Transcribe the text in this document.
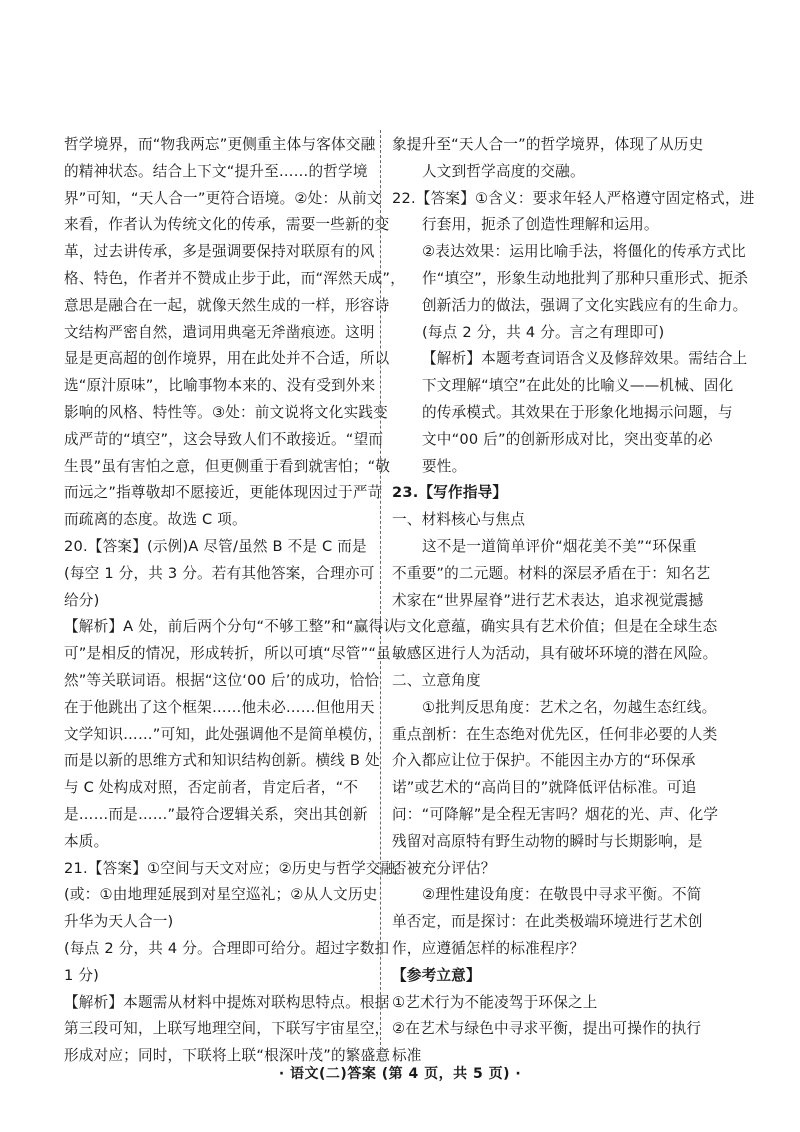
哲学境界，而“物我两忘”更侧重主体与客体交融
的精神状态。结合上下文“提升至……的哲学境
界”可知，“天人合一”更符合语境。②处：从前文
来看，作者认为传统文化的传承，需要一些新的变
革，过去讲传承，多是强调要保持对联原有的风
格、特色，作者并不赞成止步于此，而“浑然天成”，
意思是融合在一起，就像天然生成的一样，形容诗
文结构严密自然，遣词用典毫无斧凿痕迹。这明
显是更高超的创作境界，用在此处并不合适，所以
选“原汁原味”，比喻事物本来的、没有受到外来
影响的风格、特性等。③处：前文说将文化实践变
成严苛的“填空”，这会导致人们不敢接近。“望而
生畏”虽有害怕之意，但更侧重于看到就害怕；“敬
而远之”指尊敬却不愿接近，更能体现因过于严苛
而疏离的态度。故选 C 项。
20.【答案】(示例)A 尽管/虽然 B 不是 C 而是
(每空 1 分，共 3 分。若有其他答案，合理亦可
给分)
【解析】A 处，前后两个分句“不够工整”和“赢得认
可”是相反的情况，形成转折，所以可填“尽管”“虽
然”等关联词语。根据“这位‘00 后’的成功，恰恰
在于他跳出了这个框架……他未必……但他用天
文学知识……”可知，此处强调他不是简单模仿，
而是以新的思维方式和知识结构创新。横线 B 处
与 C 处构成对照，否定前者，肯定后者，“不
是……而是……”最符合逻辑关系，突出其创新
本质。
21.【答案】①空间与天文对应；②历史与哲学交融。
(或：①由地理延展到对星空巡礼；②从人文历史
升华为天人合一)
(每点 2 分，共 4 分。合理即可给分。超过字数扣
1 分)
【解析】本题需从材料中提炼对联构思特点。根据
第三段可知，上联写地理空间，下联写宇宙星空，
形成对应；同时，下联将上联“根深叶茂”的繁盛意
象提升至“天人合一”的哲学境界，体现了从历史
人文到哲学高度的交融。
22.【答案】①含义：要求年轻人严格遵守固定格式，进
行套用，扼杀了创造性理解和运用。
②表达效果：运用比喻手法，将僵化的传承方式比
作“填空”，形象生动地批判了那种只重形式、扼杀
创新活力的做法，强调了文化实践应有的生命力。
(每点 2 分，共 4 分。言之有理即可)
【解析】本题考查词语含义及修辞效果。需结合上
下文理解“填空”在此处的比喻义——机械、固化
的传承模式。其效果在于形象化地揭示问题，与
文中“00 后”的创新形成对比，突出变革的必
要性。
23.【写作指导】
一、材料核心与焦点
这不是一道简单评价“烟花美不美”“环保重
不重要”的二元题。材料的深层矛盾在于：知名艺
术家在“世界屋脊”进行艺术表达，追求视觉震撼
与文化意蕴，确实具有艺术价值；但是在全球生态
敏感区进行人为活动，具有破坏环境的潜在风险。
二、立意角度
①批判反思角度：艺术之名，勿越生态红线。
重点剖析：在生态绝对优先区，任何非必要的人类
介入都应让位于保护。不能因主办方的“环保承
诺”或艺术的“高尚目的”就降低评估标准。可追
问：“可降解”是全程无害吗？烟花的光、声、化学
残留对高原特有野生动物的瞬时与长期影响，是
否被充分评估？
②理性建设角度：在敬畏中寻求平衡。不简
单否定，而是探讨：在此类极端环境进行艺术创
作，应遵循怎样的标准程序？
【参考立意】
①艺术行为不能凌驾于环保之上
②在艺术与绿色中寻求平衡，提出可操作的执行
标准
· 语文(二)答案 (第 4 页，共 5 页) ·
